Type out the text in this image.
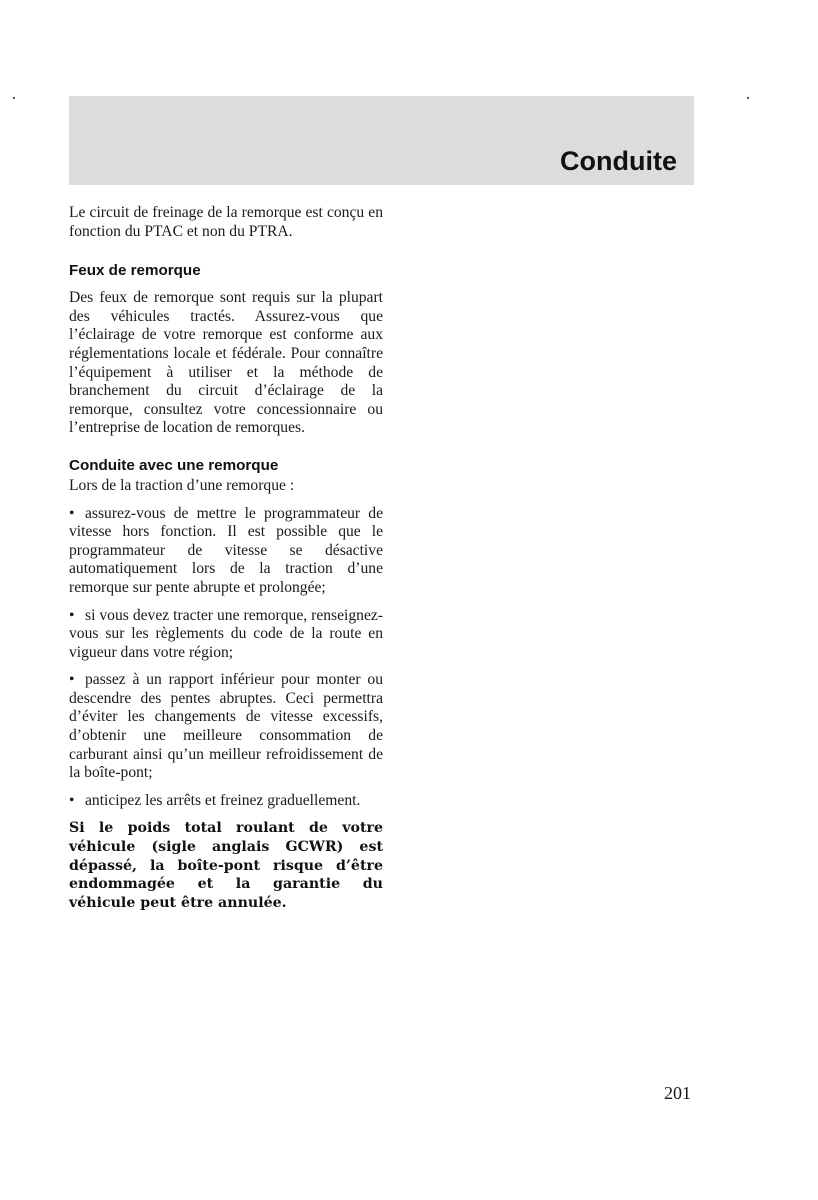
Conduite

Le circuit de freinage de la remorque est conçu en fonction du PTAC et non du PTRA.

Feux de remorque

Des feux de remorque sont requis sur la plupart des véhicules tractés. Assurez-vous que l’éclairage de votre remorque est conforme aux réglementations locale et fédérale. Pour connaître l’équipement à utiliser et la méthode de branchement du circuit d’éclairage de la remorque, consultez votre concessionnaire ou l’entreprise de location de remorques.

Conduite avec une remorque

Lors de la traction d’une remorque :

• assurez-vous de mettre le programmateur de vitesse hors fonction. Il est possible que le programmateur de vitesse se désactive automatiquement lors de la traction d’une remorque sur pente abrupte et prolongée;
• si vous devez tracter une remorque, renseignez-vous sur les règlements du code de la route en vigueur dans votre région;
• passez à un rapport inférieur pour monter ou descendre des pentes abruptes. Ceci permettra d’éviter les changements de vitesse excessifs, d’obtenir une meilleure consommation de carburant ainsi qu’un meilleur refroidissement de la boîte-pont;
• anticipez les arrêts et freinez graduellement.

Si le poids total roulant de votre véhicule (sigle anglais GCWR) est dépassé, la boîte-pont risque d’être endommagée et la garantie du véhicule peut être annulée.

201
